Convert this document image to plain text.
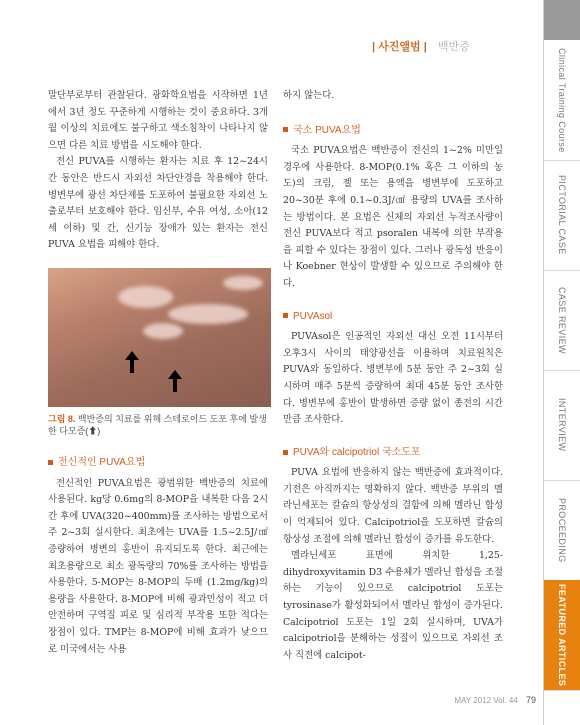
| 사진앨범 | 백반증

말단부로부터 관찰된다. 광화학요법을 시작하면 1년에서 3년 정도 꾸준하게 시행하는 것이 중요하다. 3개월 이상의 치료에도 불구하고 색소침착이 나타나지 않으면 다른 치료 방법을 시도해야 한다.

전신 PUVA를 시행하는 환자는 치료 후 12~24시간 동안은 반드시 자외선 차단안경을 착용해야 한다. 병변부에 광선 차단제를 도포하여 불필요한 자외선 노출로부터 보호해야 한다. 임신부, 수유 여성, 소아(12세 이하) 및 간, 신기능 장애가 있는 환자는 전신 PUVA 요법을 피해야 한다.

그림 8. 백반증의 치료를 위해 스테로이드 도포 후에 발생한 다모증(⬆)
전신적인 PUVA요법

전신적인 PUVA요법은 광범위한 백반증의 치료에 사용된다. kg당 0.6mg의 8-MOP을 내복한 다음 2시간 후에 UVA(320~400mm)를 조사하는 방법으로서 주 2~3회 실시한다. 최초에는 UVA를 1.5~2.5J/㎠ 증량하여 병변의 홍반이 유지되도록 한다. 최근에는 최초용량으로 최소 광독량의 70%를 조사하는 방법을 사용한다. 5-MOP는 8-MOP의 두배 (1.2mg/kg)의 용량을 사용한다. 8-MOP에 비해 광과민성이 적고 더 안전하며 구역질 피로 및 심리적 부작용 또한 적다는 장점이 있다. TMP는 8-MOP에 비해 효과가 낮으므로 미국에서는 사용

하지 않는다.

국소 PUVA요법

국소 PUVA요법은 백반증이 전신의 1~2% 미만일 경우에 사용한다. 8-MOP(0.1% 혹은 그 이하의 농도)의 크림, 젤 또는 용액을 병변부에 도포하고 20~30분 후에 0.1~0.3J/㎠ 용량의 UVA를 조사하는 방법이다. 본 요법은 신체의 자외선 누적조사량이 전신 PUVA보다 적고 psoralen 내복에 의한 부작용을 피할 수 있다는 장점이 있다. 그러나 광독성 반응이나 Koebner 현상이 발생할 수 있으므로 주의해야 한다.

PUVAsol

PUVAsol은 인공적인 자외선 대신 오전 11시부터 오후3시 사이의 태양광선을 이용하며 치료원칙은 PUVA와 동일하다. 병변부에 5분 동안 주 2~3회 실시하며 매주 5분씩 증량하여 최대 45분 동안 조사한다. 병변부에 홍반이 발생하면 증량 없이 종전의 시간만큼 조사한다.

PUVA와 calcipotriol 국소도포

PUVA 요법에 반응하지 않는 백반증에 효과적이다. 기전은 아직까지는 명확하지 않다. 백반증 부위의 멜라닌세포는 칼슘의 항상성의 결함에 의해 멜라닌 합성이 억제되어 있다. Calcipotriol을 도포하면 칼슘의 항상성 조절에 의해 멜라닌 합성이 증가를 유도한다.

멜라닌세포 표면에 위치한 1,25-dihydroxyvitamin D3 수용체가 멜라닌 합성을 조절하는 기능이 있으므로 calcipotriol 도포는 tyrosinase가 활성화되어서 멜라닌 합성이 증가된다. Calcipotriol 도포는 1일 2회 실시하며, UVA가 calcipotriol을 분해하는 성질이 있으므로 자외선 조사 직전에 calcipot-

Clinical Training Course
PICTORIAL CASE
CASE REVIEW
INTERVIEW
PROCEEDING
FEATURED ARTICLES
MAY 2012 Vol. 44 79
